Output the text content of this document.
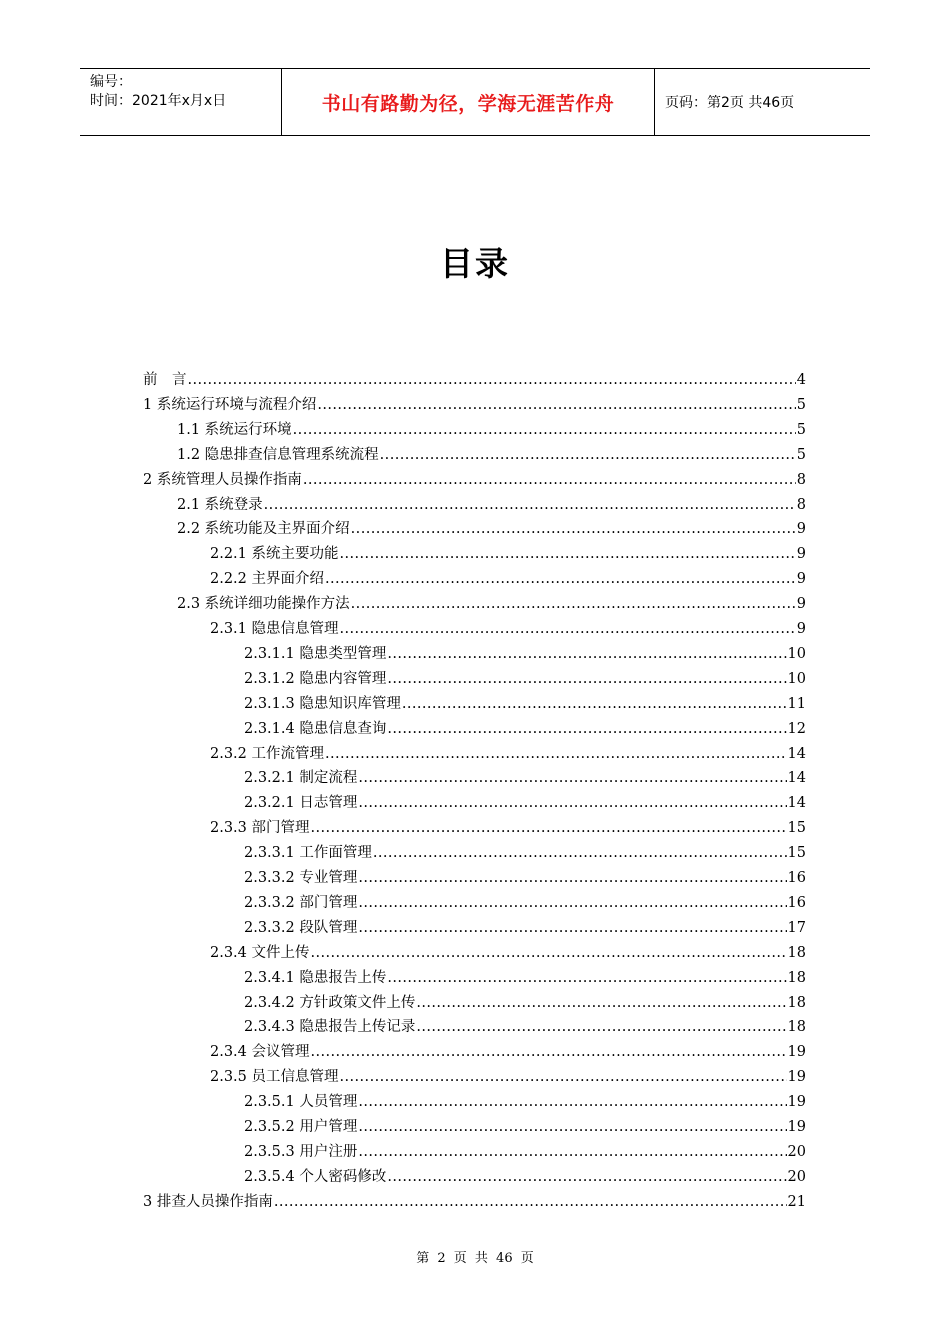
编号：
时间：2021年x月x日	书山有路勤为径，学海无涯苦作舟	页码：第2页 共46页
目录
前　言 .....	4
1 系统运行环境与流程介绍 .....	5
1.1 系统运行环境 .....	5
1.2 隐患排查信息管理系统流程 .....	5
2 系统管理人员操作指南 .....	8
2.1 系统登录 .....	8
2.2 系统功能及主界面介绍 .....	9
2.2.1 系统主要功能 .....	9
2.2.2 主界面介绍 .....	9
2.3 系统详细功能操作方法 .....	9
2.3.1 隐患信息管理 .....	9
2.3.1.1 隐患类型管理 .....	10
2.3.1.2 隐患内容管理 .....	10
2.3.1.3 隐患知识库管理 .....	11
2.3.1.4 隐患信息查询 .....	12
2.3.2 工作流管理 .....	14
2.3.2.1 制定流程 .....	14
2.3.2.1 日志管理 .....	14
2.3.3 部门管理 .....	15
2.3.3.1 工作面管理 .....	15
2.3.3.2 专业管理 .....	16
2.3.3.2 部门管理 .....	16
2.3.3.2 段队管理 .....	17
2.3.4 文件上传 .....	18
2.3.4.1 隐患报告上传 .....	18
2.3.4.2 方针政策文件上传 .....	18
2.3.4.3 隐患报告上传记录 .....	18
2.3.4 会议管理 .....	19
2.3.5 员工信息管理 .....	19
2.3.5.1 人员管理 .....	19
2.3.5.2 用户管理 .....	19
2.3.5.3 用户注册 .....	20
2.3.5.4 个人密码修改 .....	20
3 排查人员操作指南 .....	21
第 2 页 共 46 页
